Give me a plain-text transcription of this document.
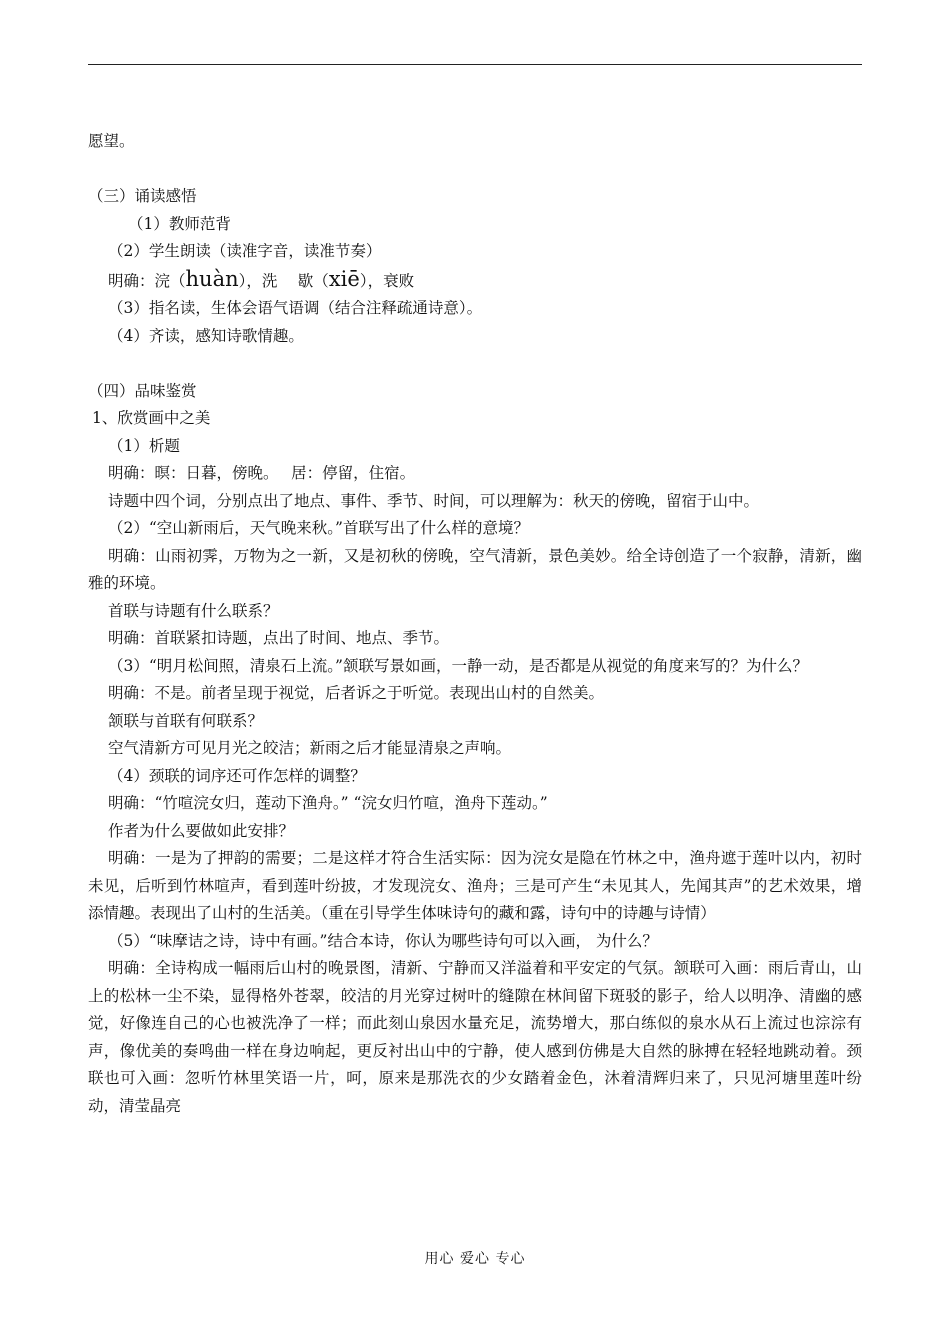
愿望。

（三）诵读感悟

（1）教师范背

（2）学生朗读（读准字音，读准节奏）

明确：浣（huàn），洗　 歇（xiē），衰败

（3）指名读，生体会语气语调（结合注释疏通诗意）。

（4）齐读，感知诗歌情趣。

（四）品味鉴赏

1、欣赏画中之美

（1）析题

明确：暝：日暮，傍晚。　 居：停留，住宿。

诗题中四个词，分别点出了地点、事件、季节、时间，可以理解为：秋天的傍晚，留宿于山中。

（2）“空山新雨后，天气晚来秋。”首联写出了什么样的意境？

明确：山雨初霁，万物为之一新，又是初秋的傍晚，空气清新，景色美妙。给全诗创造了一个寂静，清新，幽雅的环境。

首联与诗题有什么联系？

明确：首联紧扣诗题，点出了时间、地点、季节。

（3）“明月松间照，清泉石上流。”颔联写景如画，一静一动，是否都是从视觉的角度来写的？为什么？

明确：不是。前者呈现于视觉，后者诉之于听觉。表现出山村的自然美。

颔联与首联有何联系？

空气清新方可见月光之皎洁；新雨之后才能显清泉之声响。

（4）颈联的词序还可作怎样的调整？

明确：“竹喧浣女归，莲动下渔舟。” “浣女归竹喧，渔舟下莲动。”

作者为什么要做如此安排？

明确：一是为了押韵的需要；二是这样才符合生活实际：因为浣女是隐在竹林之中，渔舟遮于莲叶以内，初时未见，后听到竹林喧声，看到莲叶纷披，才发现浣女、渔舟；三是可产生“未见其人，先闻其声”的艺术效果，增添情趣。表现出了山村的生活美。（重在引导学生体味诗句的藏和露，诗句中的诗趣与诗情）

（5）“味摩诘之诗，诗中有画。”结合本诗，你认为哪些诗句可以入画， 为什么？

明确：全诗构成一幅雨后山村的晚景图，清新、宁静而又洋溢着和平安定的气氛。颔联可入画：雨后青山，山上的松林一尘不染，显得格外苍翠，皎洁的月光穿过树叶的缝隙在林间留下斑驳的影子，给人以明净、清幽的感觉，好像连自己的心也被洗净了一样；而此刻山泉因水量充足，流势增大，那白练似的泉水从石上流过也淙淙有声，像优美的奏鸣曲一样在身边响起，更反衬出山中的宁静，使人感到仿佛是大自然的脉搏在轻轻地跳动着。颈联也可入画：忽听竹林里笑语一片，呵，原来是那洗衣的少女踏着金色，沐着清辉归来了，只见河塘里莲叶纷动，清莹晶亮

用心 爱心 专心
